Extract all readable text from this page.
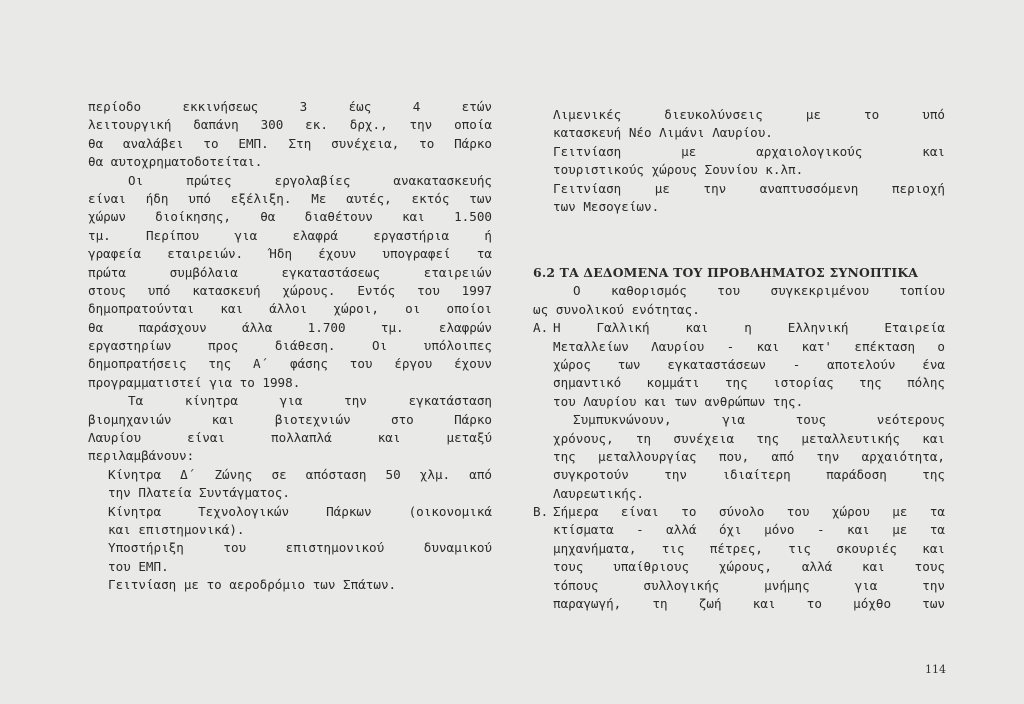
περίοδο εκκινήσεως 3 έως 4 ετών
λειτουργική δαπάνη 300 εκ. δρχ., την οποία
θα αναλάβει το ΕΜΠ. Στη συνέχεια, το Πάρκο
θα αυτοχρηματοδοτείται.
Οι πρώτες εργολαβίες ανακατασκευής
είναι ήδη υπό εξέλιξη. Με αυτές, εκτός των
χώρων διοίκησης, θα διαθέτουν και 1.500
τμ. Περίπου για ελαφρά εργαστήρια ή
γραφεία εταιρειών. Ήδη έχουν υπογραφεί τα
πρώτα συμβόλαια εγκαταστάσεως εταιρειών
στους υπό κατασκευή χώρους. Εντός του 1997
δημοπρατούνται και άλλοι χώροι, οι οποίοι
θα παράσχουν άλλα 1.700 τμ. ελαφρών
εργαστηρίων προς διάθεση. Οι υπόλοιπες
δημοπρατήσεις της Α΄ φάσης του έργου έχουν
προγραμματιστεί για το 1998.
Τα κίνητρα για την εγκατάσταση
βιομηχανιών και βιοτεχνιών στο Πάρκο
Λαυρίου είναι πολλαπλά και μεταξύ
περιλαμβάνουν:
- Κίνητρα Δ΄ Ζώνης σε απόσταση 50 χλμ. από
την Πλατεία Συντάγματος.
- Κίνητρα Τεχνολογικών Πάρκων (οικονομικά
και επιστημονικά).
- Υποστήριξη του επιστημονικού δυναμικού
του ΕΜΠ.
- Γειτνίαση με το αεροδρόμιο των Σπάτων.
- Λιμενικές διευκολύνσεις με το υπό
κατασκευή Νέο Λιμάνι Λαυρίου.
- Γειτνίαση με αρχαιολογικούς και
τουριστικούς χώρους Σουνίου κ.λπ.
- Γειτνίαση με την αναπτυσσόμενη περιοχή
των Μεσογείων.
6.2 ΤΑ ΔΕΔΟΜΕΝΑ ΤΟΥ ΠΡΟΒΛΗΜΑΤΟΣ ΣΥΝΟΠΤΙΚΑ
Ο καθορισμός του συγκεκριμένου τοπίου
ως συνολικού ενότητας.
Α. Η Γαλλική και η Ελληνική Εταιρεία
Μεταλλείων Λαυρίου - και κατ' επέκταση ο
χώρος των εγκαταστάσεων - αποτελούν ένα
σημαντικό κομμάτι της ιστορίας της πόλης
του Λαυρίου και των ανθρώπων της.
Συμπυκνώνουν, για τους νεότερους
χρόνους, τη συνέχεια της μεταλλευτικής και
της μεταλλουργίας που, από την αρχαιότητα,
συγκροτούν την ιδιαίτερη παράδοση της
Λαυρεωτικής.
Β. Σήμερα είναι το σύνολο του χώρου με τα
κτίσματα - αλλά όχι μόνο - και με τα
μηχανήματα, τις πέτρες, τις σκουριές και
τους υπαίθριους χώρους, αλλά και τους
τόπους συλλογικής μνήμης για την
παραγωγή, τη ζωή και το μόχθο των
114
